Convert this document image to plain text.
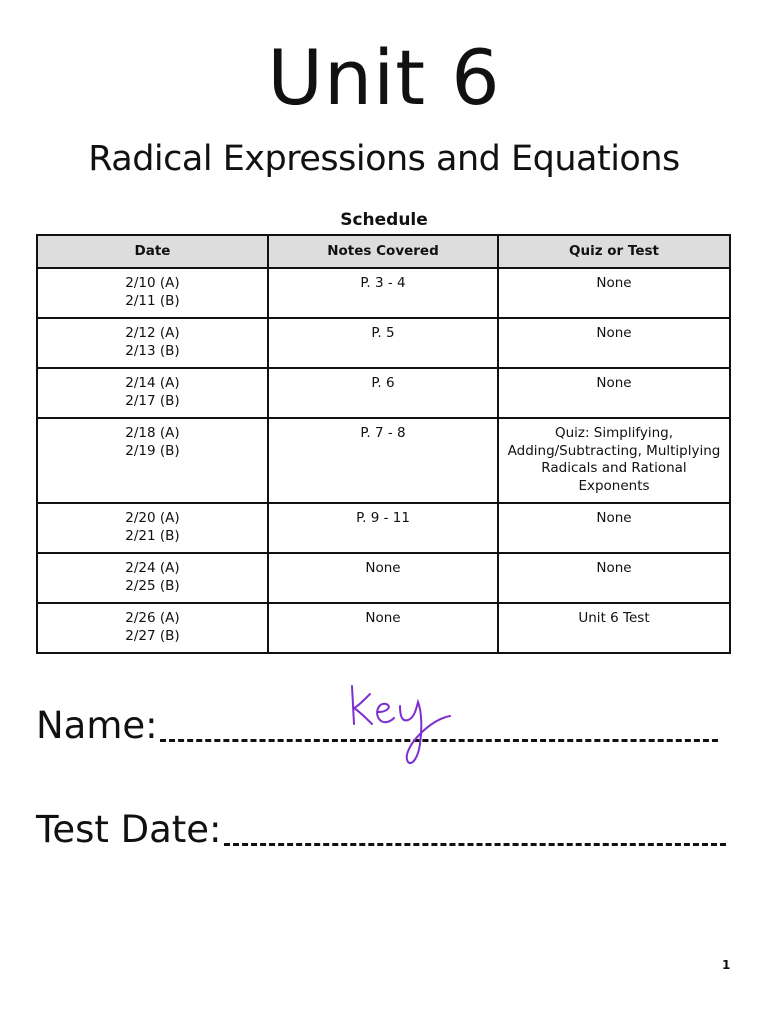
Unit 6
Radical Expressions and Equations
Schedule
Date	Notes Covered	Quiz or Test

2/10 (A)
2/11 (B)	P. 3 - 4	None

2/12 (A)
2/13 (B)	P. 5	None

2/14 (A)
2/17 (B)	P. 6	None

2/18 (A)
2/19 (B)	P. 7 - 8	Quiz: Simplifying, Adding/Subtracting, Multiplying Radicals and Rational Exponents

2/20 (A)
2/21 (B)	P. 9 - 11	None

2/24 (A)
2/25 (B)	None	None

2/26 (A)
2/27 (B)	None	Unit 6 Test
Name:
Test Date:
1
